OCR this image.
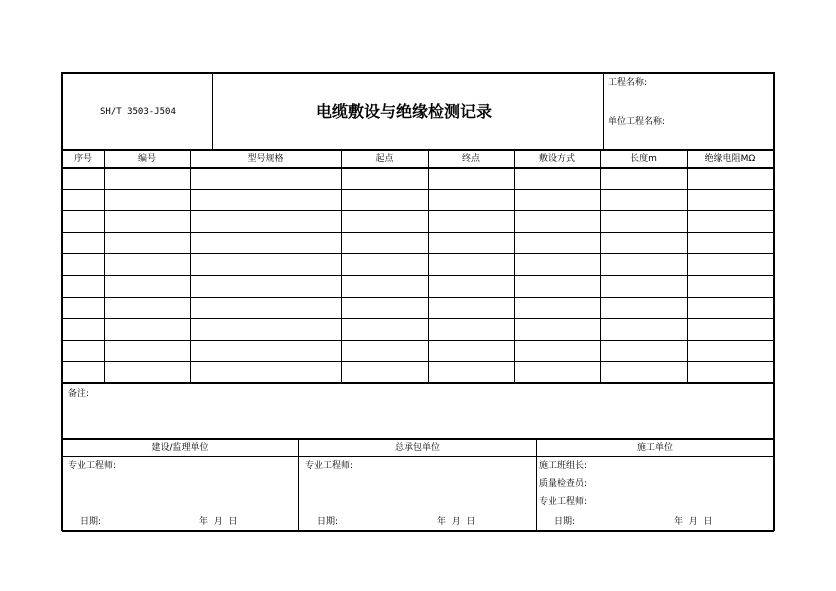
SH/T 3503-J504	电缆敷设与绝缘检测记录
工程名称:
单位工程名称:
序号	编号	型号规格	起点	终点	敷设方式	长度m	绝缘电阻MΩ
备注:
建设/监理单位
专业工程师:
日期:	年  月  日
总承包单位
专业工程师:
日期:	年  月  日
施工单位
施工班组长:
质量检查员:
专业工程师:
日期:	年  月  日
